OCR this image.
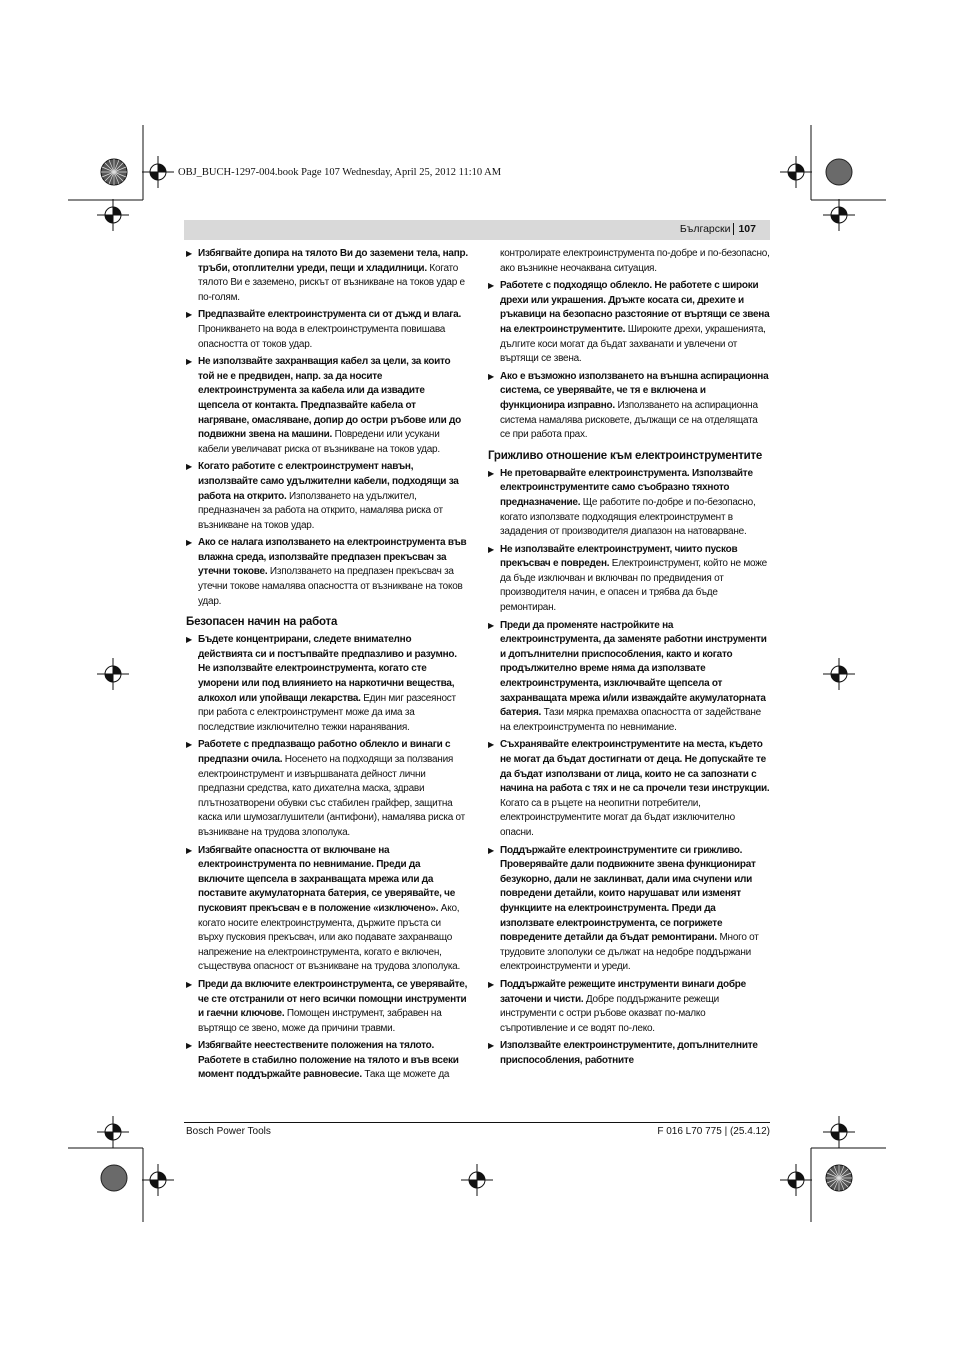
OBJ_BUCH-1297-004.book Page 107 Wednesday, April 25, 2012 11:10 AM
Български 107
▶ Избягвайте допира на тялото Ви до заземени тела, напр. тръби, отоплителни уреди, пещи и хладилници. Когато тялото Ви е заземено, рискът от възникване на токов удар е по-голям.
▶ Предпазвайте електроинструмента си от дъжд и влага. Проникването на вода в електроинструмента повишава опасността от токов удар.
▶ Не използвайте захранващия кабел за цели, за които той не е предвиден, напр. за да носите електроинструмента за кабела или да извадите щепсела от контакта. Предпазвайте кабела от нагряване, омасляване, допир до остри ръбове или до подвижни звена на машини. Повредени или усукани кабели увеличават риска от възникване на токов удар.
▶ Когато работите с електроинструмент навън, използвайте само удължителни кабели, подходящи за работа на открито. Използването на удължител, предназначен за работа на открито, намалява риска от възникване на токов удар.
▶ Ако се налага използването на електроинструмента във влажна среда, използвайте предпазен прекъсвач за утечни токове. Използването на предпазен прекъсвач за утечни токове намалява опасността от възникване на токов удар.
Безопасен начин на работа
▶ Бъдете концентрирани, следете внимателно действията си и постъпвайте предпазливо и разумно. Не използвайте електроинструмента, когато сте уморени или под влиянието на наркотични вещества, алкохол или упойващи лекарства. Един миг разсеяност при работа с електроинструмент може да има за последствие изключително тежки наранявания.
▶ Работете с предпазващо работно облекло и винаги с предпазни очила. Носенето на подходящи за ползвания електроинструмент и извършваната дейност лични предпазни средства, като дихателна маска, здрави плътнозатворени обувки със стабилен грайфер, защитна каска или шумозаглушители (антифони), намалява риска от възникване на трудова злополука.
▶ Избягвайте опасността от включване на електроинструмента по невнимание. Преди да включите щепсела в захранващата мрежа или да поставите акумулаторната батерия, се уверявайте, че пусковият прекъсвач е в положение «изключено». Ако, когато носите електроинструмента, държите пръста си върху пусковия прекъсвач, или ако подавате захранващо напрежение на електроинструмента, когато е включен, съществува опасност от възникване на трудова злополука.
▶ Преди да включите електроинструмента, се уверявайте, че сте отстранили от него всички помощни инструменти и гаечни ключове. Помощен инструмент, забравен на въртящо се звено, може да причини травми.
▶ Избягвайте неестествените положения на тялото. Работете в стабилно положение на тялото и във всеки момент поддържайте равновесие. Така ще можете да
контролирате електроинструмента по-добре и по-безопасно, ако възникне неочаквана ситуация.
▶ Работете с подходящо облекло. Не работете с широки дрехи или украшения. Дръжте косата си, дрехите и ръкавици на безопасно разстояние от въртящи се звена на електроинструментите. Широките дрехи, украшенията, дългите коси могат да бъдат захванати и увлечени от въртящи се звена.
▶ Ако е възможно използването на външна аспирационна система, се уверявайте, че тя е включена и функционира изправно. Използването на аспирационна система намалява рисковете, дължащи се на отделящата се при работа прах.
Грижливо отношение към електроинструментите
▶ Не претоварвайте електроинструмента. Използвайте електроинструментите само съобразно тяхното предназначение. Ще работите по-добре и по-безопасно, когато използвате подходящия електроинструмент в зададения от производителя диапазон на натоварване.
▶ Не използвайте електроинструмент, чиито пусков прекъсвач е повреден. Електроинструмент, който не може да бъде изключван и включван по предвидения от производителя начин, е опасен и трябва да бъде ремонтиран.
▶ Преди да променяте настройките на електроинструмента, да заменяте работни инструменти и допълнителни приспособления, както и когато продължително време няма да използвате електроинструмента, изключвайте щепсела от захранващата мрежа и/или изваждайте акумулаторната батерия. Тази мярка премахва опасността от задействане на електроинструмента по невнимание.
▶ Съхранявайте електроинструментите на места, където не могат да бъдат достигнати от деца. Не допускайте те да бъдат използвани от лица, които не са запознати с начина на работа с тях и не са прочели тези инструкции. Когато са в ръцете на неопитни потребители, електроинструментите могат да бъдат изключително опасни.
▶ Поддържайте електроинструментите си грижливо. Проверявайте дали подвижните звена функционират безукорно, дали не заклинват, дали има счупени или повредени детайли, които нарушават или изменят функциите на електроинструмента. Преди да използвате електроинструмента, се погрижете повредените детайли да бъдат ремонтирани. Много от трудовите злополуки се дължат на недобре поддържани електроинструменти и уреди.
▶ Поддържайте режещите инструменти винаги добре заточени и чисти. Добре поддържаните режещи инструменти с остри ръбове оказват по-малко съпротивление и се водят по-леко.
▶ Използвайте електроинструментите, допълнителните приспособления, работните
Bosch Power Tools	F 016 L70 775 | (25.4.12)
